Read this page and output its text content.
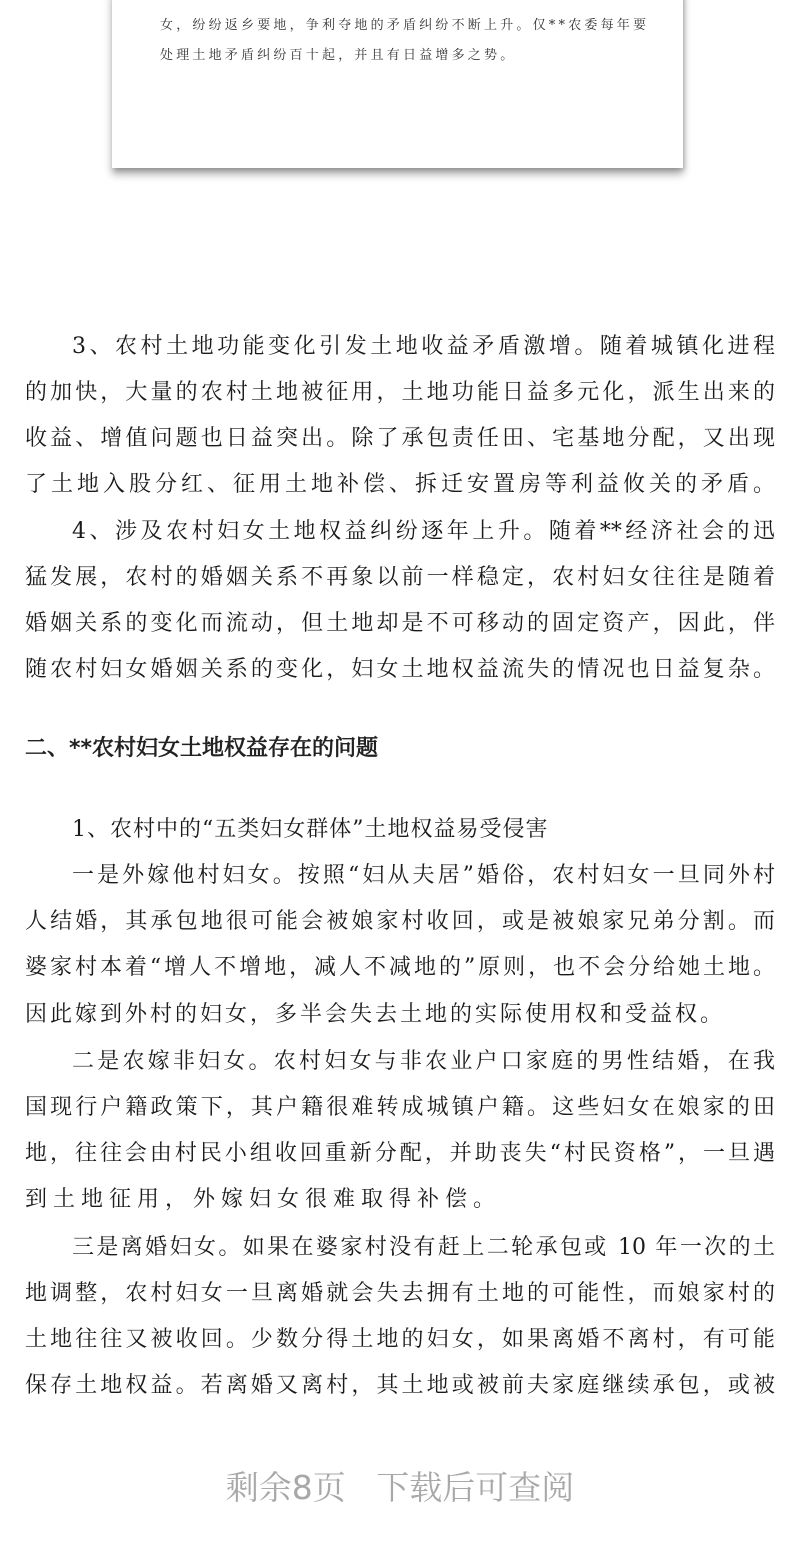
女，纷纷返乡要地，争利夺地的矛盾纠纷不断上升。仅**农委每年要
处理土地矛盾纠纷百十起，并且有日益增多之势。
3、农村土地功能变化引发土地收益矛盾激增。随着城镇化进程
的加快，大量的农村土地被征用，土地功能日益多元化，派生出来的
收益、增值问题也日益突出。除了承包责任田、宅基地分配，又出现
了土地入股分红、征用土地补偿、拆迁安置房等利益攸关的矛盾。
4、涉及农村妇女土地权益纠纷逐年上升。随着**经济社会的迅
猛发展，农村的婚姻关系不再象以前一样稳定，农村妇女往往是随着
婚姻关系的变化而流动，但土地却是不可移动的固定资产，因此，伴
随农村妇女婚姻关系的变化，妇女土地权益流失的情况也日益复杂。
二、**农村妇女土地权益存在的问题
1、农村中的“五类妇女群体”土地权益易受侵害
一是外嫁他村妇女。按照“妇从夫居”婚俗，农村妇女一旦同外村
人结婚，其承包地很可能会被娘家村收回，或是被娘家兄弟分割。而
婆家村本着“增人不增地，减人不减地的”原则，也不会分给她土地。
因此嫁到外村的妇女，多半会失去土地的实际使用权和受益权。
二是农嫁非妇女。农村妇女与非农业户口家庭的男性结婚，在我
国现行户籍政策下，其户籍很难转成城镇户籍。这些妇女在娘家的田
地，往往会由村民小组收回重新分配，并助丧失“村民资格”，一旦遇
到土地征用，外嫁妇女很难取得补偿。
三是离婚妇女。如果在婆家村没有赶上二轮承包或 10 年一次的土
地调整，农村妇女一旦离婚就会失去拥有土地的可能性，而娘家村的
土地往往又被收回。少数分得土地的妇女，如果离婚不离村，有可能
保存土地权益。若离婚又离村，其土地或被前夫家庭继续承包，或被
剩余8页 下载后可查阅
